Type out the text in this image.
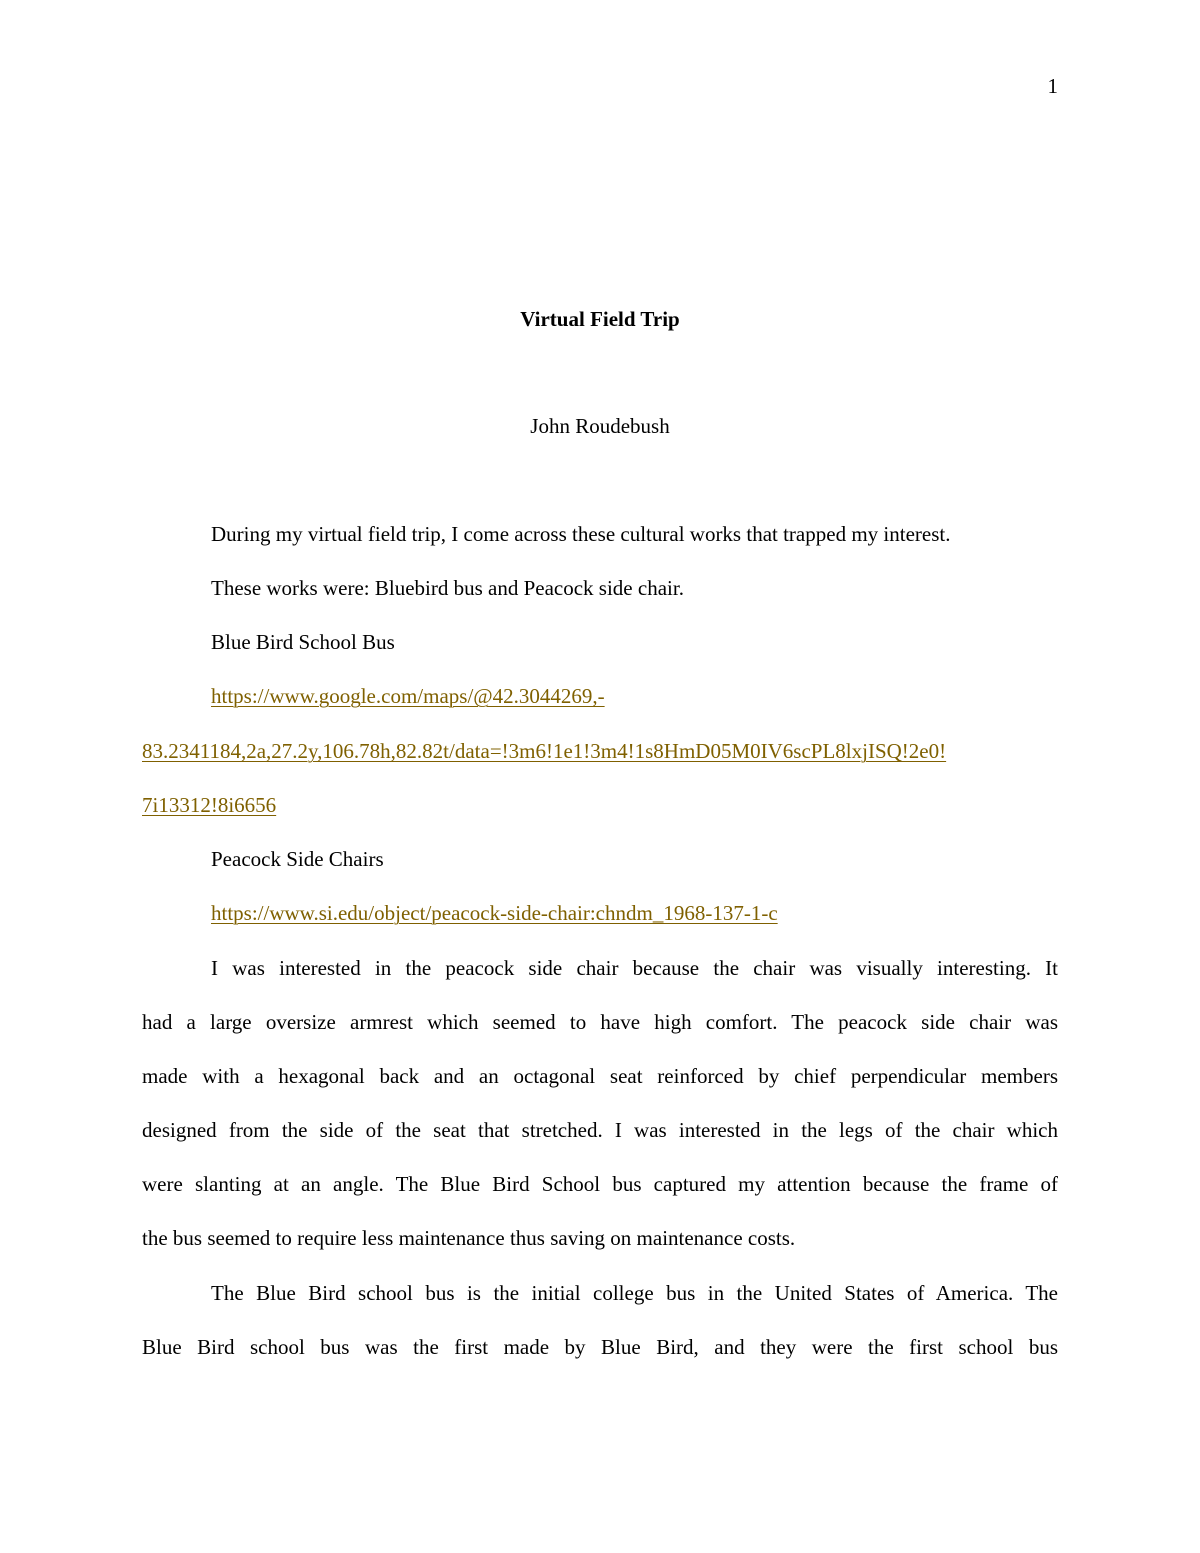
1
Virtual Field Trip
John Roudebush
During my virtual field trip, I come across these cultural works that trapped my interest.
These works were: Bluebird bus and Peacock side chair.
Blue Bird School Bus
https://www.google.com/maps/@42.3044269,-
83.2341184,2a,27.2y,106.78h,82.82t/data=!3m6!1e1!3m4!1s8HmD05M0IV6scPL8lxjISQ!2e0!
7i13312!8i6656
Peacock Side Chairs
https://www.si.edu/object/peacock-side-chair:chndm_1968-137-1-c
I was interested in the peacock side chair because the chair was visually interesting. It
had a large oversize armrest which seemed to have high comfort. The peacock side chair was
made with a hexagonal back and an octagonal seat reinforced by chief perpendicular members
designed from the side of the seat that stretched. I was interested in the legs of the chair which
were slanting at an angle. The Blue Bird School bus captured my attention because the frame of
the bus seemed to require less maintenance thus saving on maintenance costs.
The Blue Bird school bus is the initial college bus in the United States of America. The
Blue Bird school bus was the first made by Blue Bird, and they were the first school bus
